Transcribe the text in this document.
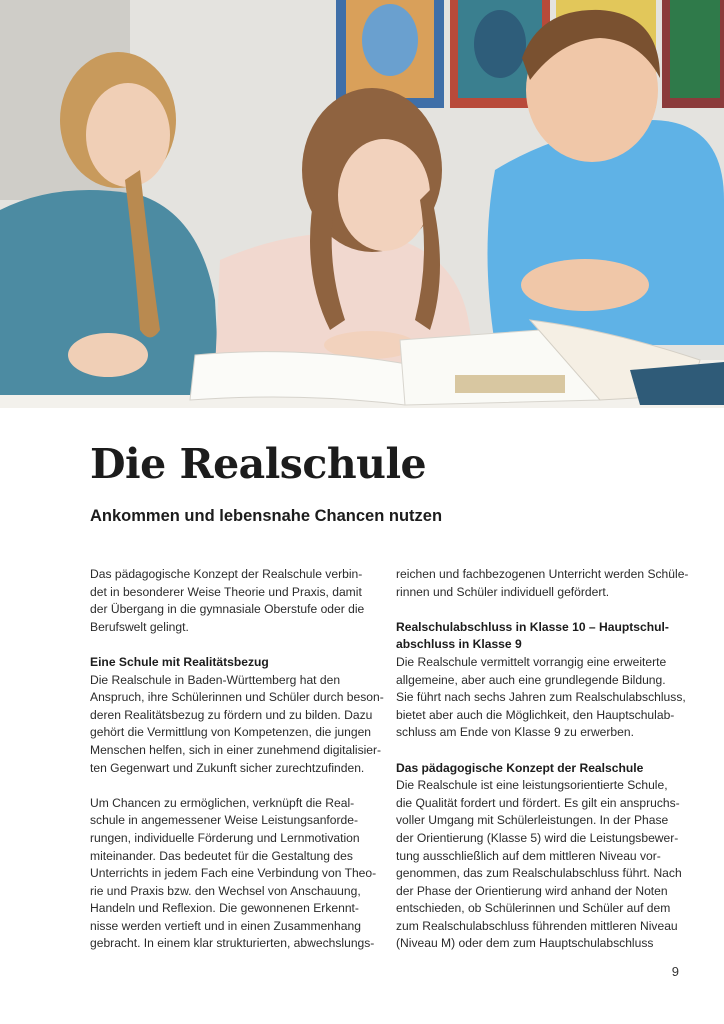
Die Realschule
Ankommen und lebensnahe Chancen nutzen

Das pädagogische Konzept der Realschule verbin-
det in besonderer Weise Theorie und Praxis, damit
der Übergang in die gymnasiale Oberstufe oder die
Berufswelt gelingt.

Eine Schule mit Realitätsbezug

Die Realschule in Baden-Württemberg hat den
Anspruch, ihre Schülerinnen und Schüler durch beson-
deren Realitätsbezug zu fördern und zu bilden. Dazu
gehört die Vermittlung von Kompetenzen, die jungen
Menschen helfen, sich in einer zunehmend digitalisier-
ten Gegenwart und Zukunft sicher zurechtzufinden.

Um Chancen zu ermöglichen, verknüpft die Real-
schule in angemessener Weise Leistungsanforde-
rungen, individuelle Förderung und Lernmotivation
miteinander. Das bedeutet für die Gestaltung des
Unterrichts in jedem Fach eine Verbindung von Theo-
rie und Praxis bzw. den Wechsel von Anschauung,
Handeln und Reflexion. Die gewonnenen Erkennt-
nisse werden vertieft und in einen Zusammenhang
gebracht. In einem klar strukturierten, abwechslungs-

reichen und fachbezogenen Unterricht werden Schüle-
rinnen und Schüler individuell gefördert.

Realschulabschluss in Klasse 10 – Hauptschul-
abschluss in Klasse 9

Die Realschule vermittelt vorrangig eine erweiterte
allgemeine, aber auch eine grundlegende Bildung.
Sie führt nach sechs Jahren zum Realschulabschluss,
bietet aber auch die Möglichkeit, den Hauptschulab-
schluss am Ende von Klasse 9 zu erwerben.

Das pädagogische Konzept der Realschule

Die Realschule ist eine leistungsorientierte Schule,
die Qualität fordert und fördert. Es gilt ein anspruchs-
voller Umgang mit Schülerleistungen. In der Phase
der Orientierung (Klasse 5) wird die Leistungsbewer-
tung ausschließlich auf dem mittleren Niveau vor-
genommen, das zum Realschulabschluss führt. Nach
der Phase der Orientierung wird anhand der Noten
entschieden, ob Schülerinnen und Schüler auf dem
zum Realschulabschluss führenden mittleren Niveau
(Niveau M) oder dem zum Hauptschulabschluss

9
